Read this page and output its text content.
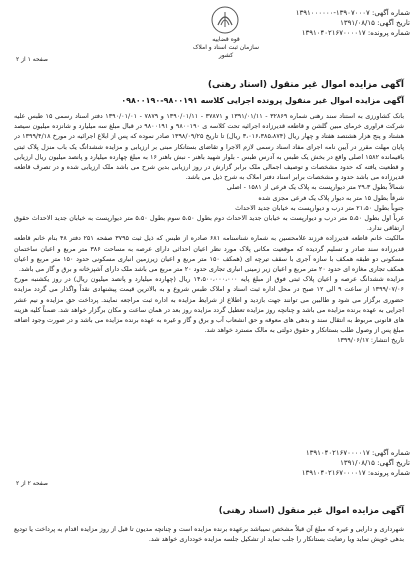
شماره آگهی: ۱۳۹۰۷۰۰۰۷-۱۳۹۱۰۰۰۰۰۰
تاریخ آگهی: ۱۳۹۱/۰۸/۱۵
شماره پرونده: ۱۳۹۱۰۴۰۲۱۶۷۰۰۰۰۱۷
قوه قضاییه
سازمان ثبت اسناد و املاک کشور
صفحه ۱ از ۲
آگهی مزایده اموال غیر منقول (اسناد رهنی)
آگهی مزایده اموال غیر منقول پرونده اجرایی کلاسه ۹۸۰۰۱۹۱-۰۹۸۰۰۱۹۰

بانک کشاورزی به استناد سند رهنی شماره ۳۲۸۶۹ - ۱۳۹۱/۰۱/۱۱ و ۳۷۸۷۱ - ۱۳۹۰/۰۱/۱۱ و ۷۸۷۹ - ۱۳۹۰/۰۱/۰۱ دفتر اسناد رسمی ۱۵ طبس علیه شرکت فراوری خرمای مبین گلشن و قاطعه قدیرزاده اجرائیه تحت کلاسه ی ۹۸۰۰۱۹۰ و ۹۸۰۰۱۹۱ در قبال مبلغ سه میلیارد و شانزده میلیون سیصد هشتاد و پنج هزار هشتصد هفتاد و چهار ریال (۳،۰۱۶،۳۸۵،۸۷۴ ریال) تا تاریخ ۱۳۹۸/۰۹/۲۵ صادر نموده که پس از ابلاغ اجرائیه در مورخ ۱۳۹۹/۴/۱۸ در پایان مهلت مقرر در آیین نامه اجرای مفاد اسناد رسمی لازم الاجرا و تقاضای بستانکار مبنی بر ارزیابی و مزایده ششدانگ یک باب منزل پلاک ثبتی باقیمانده ۱۵۸۲ اصلی واقع در بخش یک طبس به آدرس طبس - بلوار شهید باهنر - نبش باهنر ۱۶ به مبلغ چهارده میلیارد و پانصد میلیون ریال ارزیابی و قطعیت یافته که حدود مشخصات و توصیف اجمالی ملک برابر گزارش در روز ارزیابی بدین شرح می باشد ملک ارزیابی شده و در تصرف قاطعه قدیرزاده می باشد حدود و مشخصات برابر اسناد دفتر املاک به شرح ذیل می باشد.

شمالاً بطول ۲۹،۳ متر دیوارپست به پلاک یک فرعی از ۱۵۸۱ - اصلی

شرقاً بطول ۱۵ متر به دیوار پلاک یک فرعی مجزی شده

جنوباً بطول ۲۱،۵۰ متر درب و دیوارپست به خیابان جدید الاحداث

غرباً اول بطول ۵،۵۰ متر درب و دیوارپست به خیابان جدید الاحداث دوم بطول ۵،۵۰ سوم بطول ۵،۵۰ متر دیوارپست به خیابان جدید الاحداث حقوق ارتفاقی ندارد.

مالکیت خانم قاطعه قدیرزاده فرزند غلامحسین به شماره شناسنامه ۶۸۱ صادره از طبس که ذیل ثبت ۳۷۹۵ صفحه ۲۵۱ دفتر ۴۸ بنام خانم قاطعه قدیرزاده سند صادر و تسلیم گردیده که موقعیت مکانی پلاک مورد نظر اعیان احداثی دارای عرصه به مساحت ۳۸۶ متر مربع و اعیان ساختمان مسکونی دو طبقه همکف با سازه آجری با سقف تیرچه ای (همکف ۱۵۰ متر مربع و اعیان زیرزمین انباری مسکونی حدود ۱۵۰ متر مربع و اعیان همکف تجاری مغازه ای حدود ۲۰ متر مربع و اعیان زیر زمینی انباری تجاری حدود ۲۰ متر مربع می باشد ملک دارای آشپزخانه و برق و گاز می باشد.

مزایده ششدانگ عرصه و اعیان پلاک ثبتی فوق از مبلغ پایه ۱۴،۵۰۰،۰۰۰،۰۰۰ ریال (چهارده میلیارد و پانصد میلیون ریال) در روز یکشنبه مورخ ۱۳۹۹/۰۷/۰۶ از ساعت ۹ الی ۱۲ صبح در محل اداره ثبت اسناد و املاک طبس شروع و به بالاترین قیمت پیشنهادی نقداً واگذار می گردد مزایده حضوری برگزار می شود و طالبین می توانند جهت بازدید و اطلاع از شرایط مزایده به اداره ثبت مراجعه نمایند. پرداخت حق مزایده و نیم عشر اجرایی به عهده برنده مزایده می باشد و چنانچه روز مزایده تعطیل گردد مزایده روز بعد در همان ساعت و مکان برگزار خواهد شد. ضمناً کلیه هزینه های قانونی مربوط به انتقال سند و بدهی های معوقه و حق انشعاب آب و برق و گاز و غیره به عهده برنده مزایده می باشد و در صورت وجود اضافه مبلغ پس از وصول طلب بستانکار و حقوق دولتی به مالک مسترد خواهد شد.

تاریخ انتشار: ۱۳۹۹/۰۶/۱۷

شماره آگهی: ۱۳۹۱۰۴۰۲۱۶۷۰۰۰۰۱۷
تاریخ آگهی: ۱۳۹۱/۰۸/۱۵
شماره پرونده: ۱۳۹۱۰۴۰۲۱۶۷۰۰۰۰۱۷
صفحه ۲ از ۲
آگهی مزایده اموال غیر منقول (اسناد رهنی)

شهرداری و دارایی و غیره که مبلغ آن قبلاً مشخص نمیباشد برعهده برنده مزایده است و چنانچه مدیون تا قبل از روز مزایده اقدام به پرداخت یا تودیع بدهی خویش نماید ویا رضایت بستانکار را جلب نماید از تشکیل جلسه مزایده خودداری خواهد شد.
